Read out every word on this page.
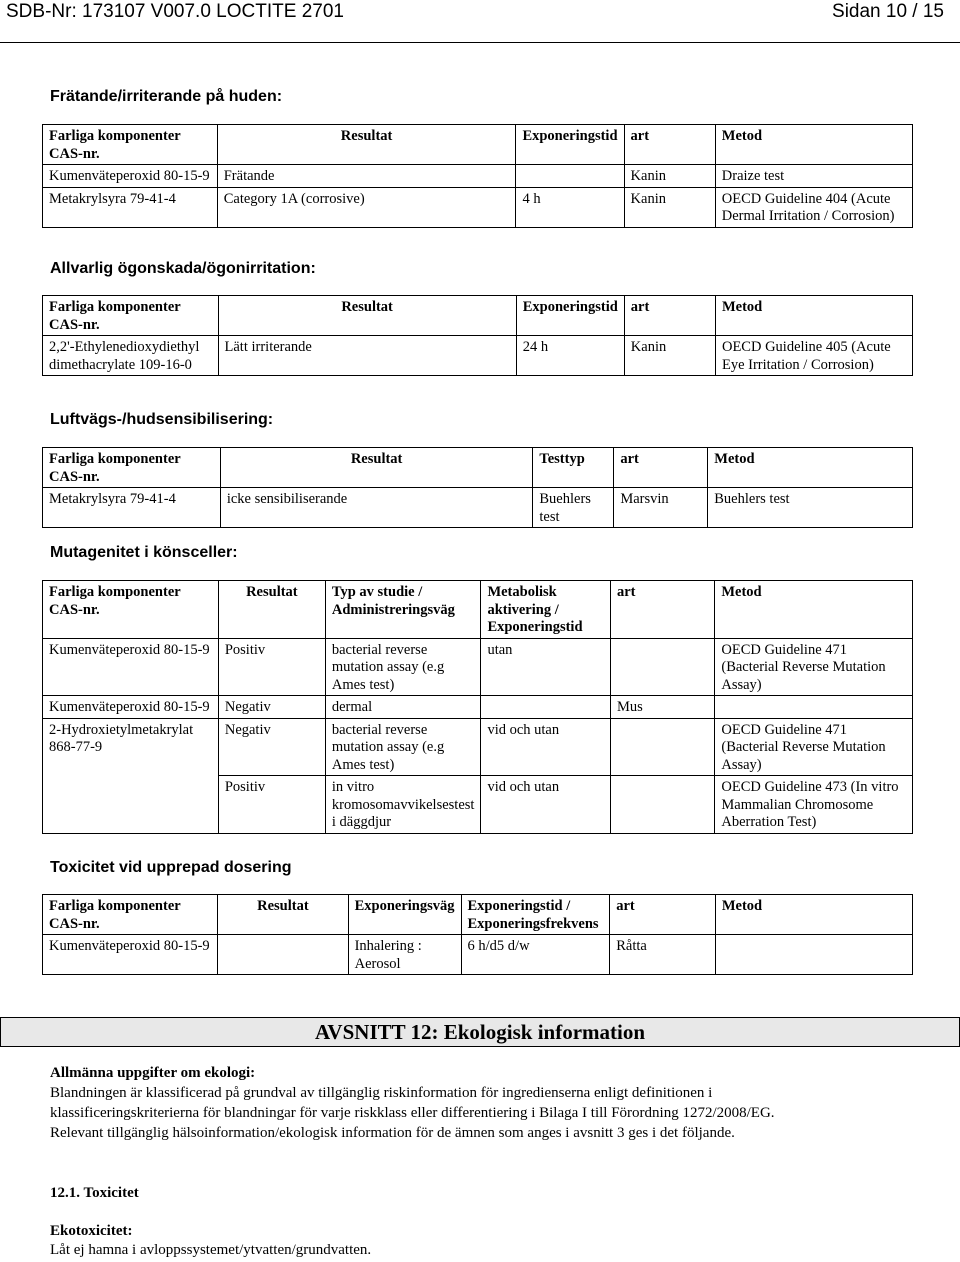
SDB-Nr: 173107 V007.0 LOCTITE 2701	Sidan 10 / 15
Frätande/irriterande på huden:
Farliga komponenter CAS-nr.	Resultat	Exponeringstid	art	Metod
Kumenväteperoxid 80-15-9	Frätande		Kanin	Draize test
Metakrylsyra 79-41-4	Category 1A (corrosive)	4 h	Kanin	OECD Guideline 404 (Acute Dermal Irritation / Corrosion)
Allvarlig ögonskada/ögonirritation:
Farliga komponenter CAS-nr.	Resultat	Exponeringstid	art	Metod
2,2'-Ethylenedioxydiethyl dimethacrylate 109-16-0	Lätt irriterande	24 h	Kanin	OECD Guideline 405 (Acute Eye Irritation / Corrosion)
Luftvägs-/hudsensibilisering:
Farliga komponenter CAS-nr.	Resultat	Testtyp	art	Metod
Metakrylsyra 79-41-4	icke sensibiliserande	Buehlers test	Marsvin	Buehlers test
Mutagenitet i könsceller:
Farliga komponenter CAS-nr.	Resultat	Typ av studie / Administreringsväg	Metabolisk aktivering / Exponeringstid	art	Metod
Kumenväteperoxid 80-15-9	Positiv	bacterial reverse mutation assay (e.g Ames test)	utan		OECD Guideline 471 (Bacterial Reverse Mutation Assay)
Kumenväteperoxid 80-15-9	Negativ	dermal		Mus	
2-Hydroxietylmetakrylat 868-77-9	Negativ	bacterial reverse mutation assay (e.g Ames test)	vid och utan		OECD Guideline 471 (Bacterial Reverse Mutation Assay)
	Positiv	in vitro kromosomavvikelsestest i däggdjur	vid och utan		OECD Guideline 473 (In vitro Mammalian Chromosome Aberration Test)
Toxicitet vid upprepad dosering
Farliga komponenter CAS-nr.	Resultat	Exponeringsväg	Exponeringstid / Exponeringsfrekvens	art	Metod
Kumenväteperoxid 80-15-9		Inhalering : Aerosol	6 h/d5 d/w	Råtta	
AVSNITT 12: Ekologisk information
Allmänna uppgifter om ekologi:
Blandningen är klassificerad på grundval av tillgänglig riskinformation för ingredienserna enligt definitionen i
klassificeringskriterierna för blandningar för varje riskklass eller differentiering i Bilaga I till Förordning 1272/2008/EG.
Relevant tillgänglig hälsoinformation/ekologisk information för de ämnen som anges i avsnitt 3 ges i det följande.
12.1. Toxicitet
Ekotoxicitet:
Låt ej hamna i avloppssystemet/ytvatten/grundvatten.
